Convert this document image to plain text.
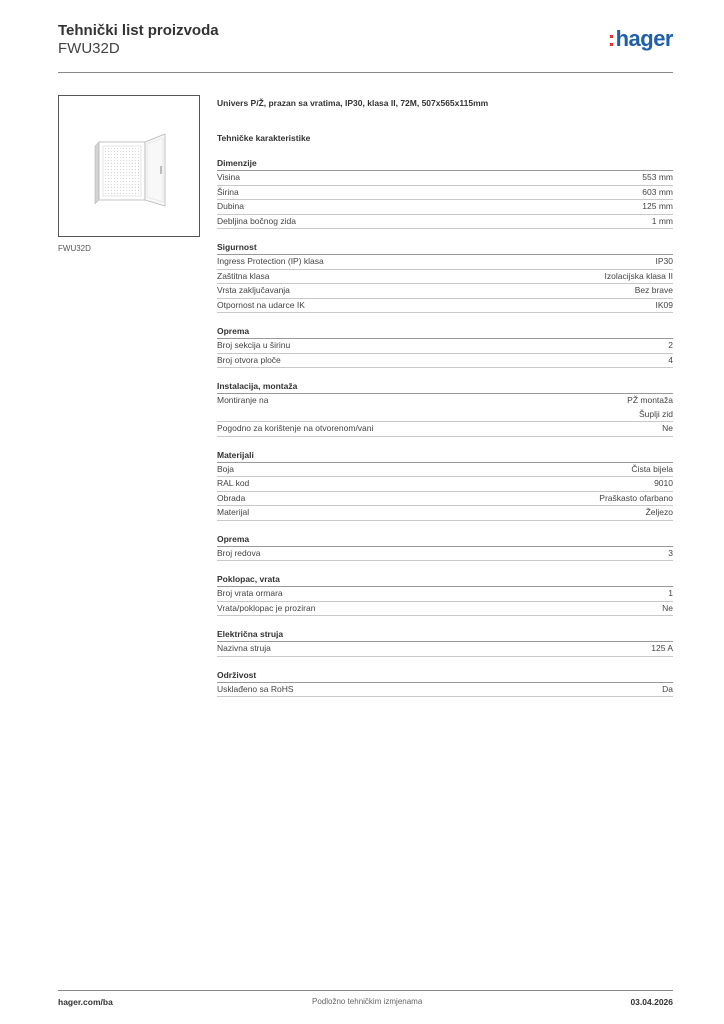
Tehnički list proizvoda
FWU32D	:hager
FWU32D
Univers P/Ž, prazan sa vratima, IP30, klasa II, 72M, 507x565x115mm
Tehničke karakteristike
Dimenzije
Visina	553 mm
Širina	603 mm
Dubina	125 mm
Debljina bočnog zida	1 mm
Sigurnost
Ingress Protection (IP) klasa	IP30
Zaštitna klasa	Izolacijska klasa II
Vrsta zaključavanja	Bez brave
Otpornost na udarce IK	IK09
Oprema
Broj sekcija u širinu	2
Broj otvora ploče	4
Instalacija, montaža
Montiranje na	PŽ montaža
Šuplji zid
Pogodno za korištenje na otvorenom/vani	Ne
Materijali
Boja	Čista bijela
RAL kod	9010
Obrada	Praškasto ofarbano
Materijal	Željezo
Oprema
Broj redova	3
Poklopac, vrata
Broj vrata ormara	1
Vrata/poklopac je proziran	Ne
Električna struja
Nazivna struja	125 A
Održivost
Usklađeno sa RoHS	Da
hager.com/ba	Podložno tehničkim izmjenama	03.04.2026
